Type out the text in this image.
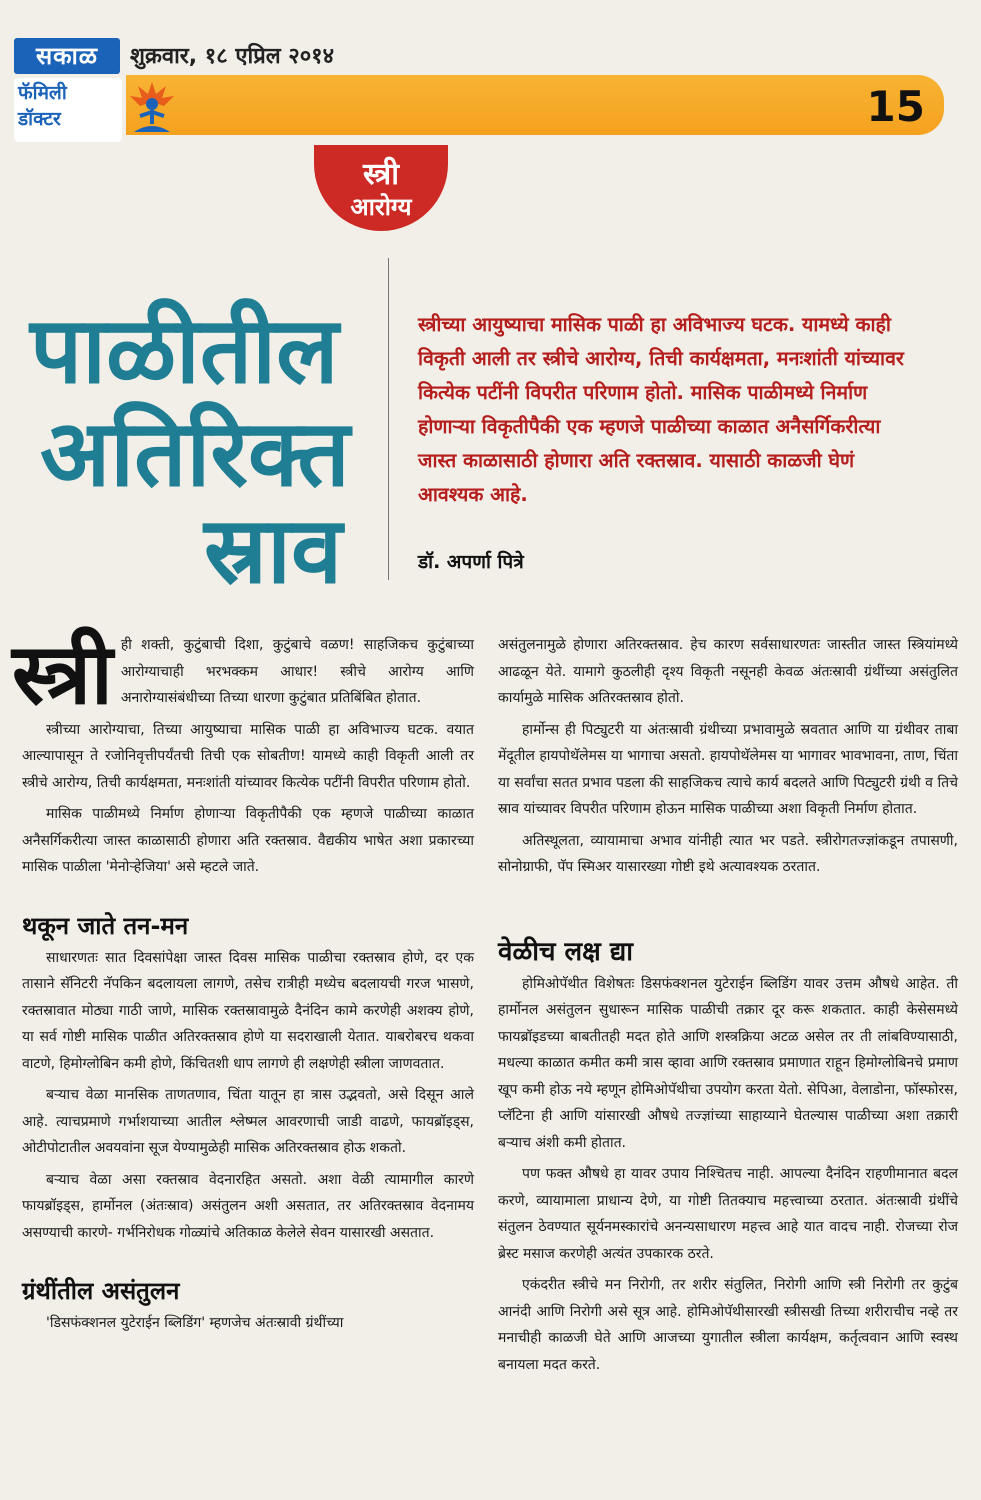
सकाळ	शुक्रवार, १८ एप्रिल २०१४
15
फॅमिली
डॉक्टर
स्त्री
आरोग्य
पाळीतील
अतिरिक्त
स्राव
स्त्रीच्या आयुष्याचा मासिक पाळी हा अविभाज्य घटक. यामध्ये काही विकृती आली तर स्त्रीचे आरोग्य, तिची कार्यक्षमता, मनःशांती यांच्यावर कित्येक पटींनी विपरीत परिणाम होतो. मासिक पाळीमध्ये निर्माण होणाऱ्या विकृतीपैकी एक म्हणजे पाळीच्या काळात अनैसर्गिकरीत्या जास्त काळासाठी होणारा अति रक्तस्राव. यासाठी काळजी घेणं आवश्यक आहे.
डॉ. अपर्णा पित्रे
स्त्री ही शक्ती, कुटुंबाची दिशा, कुटुंबाचे वळण! साहजिकच कुटुंबाच्या आरोग्याचाही भरभक्कम आधार! स्त्रीचे आरोग्य आणि अनारोग्यासंबंधीच्या तिच्या धारणा कुटुंबात प्रतिबिंबित होतात.

स्त्रीच्या आरोग्याचा, तिच्या आयुष्याचा मासिक पाळी हा अविभाज्य घटक. वयात आल्यापासून ते रजोनिवृत्तीपर्यंतची तिची एक सोबतीण! यामध्ये काही विकृती आली तर स्त्रीचे आरोग्य, तिची कार्यक्षमता, मनःशांती यांच्यावर कित्येक पटींनी विपरीत परिणाम होतो.

मासिक पाळीमध्ये निर्माण होणाऱ्या विकृतीपैकी एक म्हणजे पाळीच्या काळात अनैसर्गिकरीत्या जास्त काळासाठी होणारा अति रक्तस्राव. वैद्यकीय भाषेत अशा प्रकारच्या मासिक पाळीला 'मेनोऱ्हेजिया' असे म्हटले जाते.

थकून जाते तन-मन

साधारणतः सात दिवसांपेक्षा जास्त दिवस मासिक पाळीचा रक्तस्राव होणे, दर एक तासाने सॅनिटरी नॅपकिन बदलायला लागणे, तसेच रात्रीही मध्येच बदलायची गरज भासणे, रक्तस्रावात मोठ्या गाठी जाणे, मासिक रक्तस्रावामुळे दैनंदिन कामे करणेही अशक्य होणे, या सर्व गोष्टी मासिक पाळीत अतिरक्तस्राव होणे या सदराखाली येतात. याबरोबरच थकवा वाटणे, हिमोग्लोबिन कमी होणे, किंचितशी धाप लागणे ही लक्षणेही स्त्रीला जाणवतात.

बऱ्याच वेळा मानसिक ताणतणाव, चिंता यातून हा त्रास उद्भवतो, असे दिसून आले आहे. त्याचप्रमाणे गर्भाशयाच्या आतील श्लेष्मल आवरणाची जाडी वाढणे, फायब्रॉइड्‍स, ओटीपोटातील अवयवांना सूज येण्यामुळेही मासिक अतिरक्तस्राव होऊ शकतो.

बऱ्याच वेळा असा रक्तस्राव वेदनारहित असतो. अशा वेळी त्यामागील कारणे फायब्रॉइड्‍स, हार्मोनल (अंतःस्राव) असंतुलन अशी असतात, तर अतिरक्तस्राव वेदनामय असण्याची कारणे- गर्भनिरोधक गोळ्यांचे अतिकाळ केलेले सेवन यासारखी असतात.

ग्रंथींतील असंतुलन

'डिसफंक्शनल युटेराईन ब्लिडिंग' म्हणजेच अंतःस्रावी ग्रंथींच्या

असंतुलनामुळे होणारा अतिरक्तस्राव. हेच कारण सर्वसाधारणतः जास्तीत जास्त स्त्रियांमध्ये आढळून येते. यामागे कुठलीही दृश्य विकृती नसूनही केवळ अंतःस्रावी ग्रंथींच्या असंतुलित कार्यामुळे मासिक अतिरक्तस्राव होतो.

हार्मोन्स ही पिट्युटरी या अंतःस्रावी ग्रंथीच्या प्रभावामुळे स्रवतात आणि या ग्रंथीवर ताबा मेंदूतील हायपोथॅलेमस या भागाचा असतो. हायपोथॅलेमस या भागावर भावभावना, ताण, चिंता या सर्वांचा सतत प्रभाव पडला की साहजिकच त्याचे कार्य बदलते आणि पिट्युटरी ग्रंथी व तिचे स्राव यांच्यावर विपरीत परिणाम होऊन मासिक पाळीच्या अशा विकृती निर्माण होतात.

अतिस्थूलता, व्यायामाचा अभाव यांनीही त्यात भर पडते. स्त्रीरोगतज्ज्ञांकडून तपासणी, सोनोग्राफी, पॅप स्मिअर यासारख्या गोष्टी इथे अत्यावश्यक ठरतात.

वेळीच लक्ष द्या

होमिओपॅथीत विशेषतः डिसफंक्शनल युटेराईन ब्लिडिंग यावर उत्तम औषधे आहेत. ती हार्मोनल असंतुलन सुधारून मासिक पाळीची तक्रार दूर करू शकतात. काही केसेसमध्ये फायब्रॉइडच्या बाबतीतही मदत होते आणि शस्त्रक्रिया अटळ असेल तर ती लांबविण्यासाठी, मधल्या काळात कमीत कमी त्रास व्हावा आणि रक्तस्राव प्रमाणात राहून हिमोग्लोबिनचे प्रमाण खूप कमी होऊ नये म्हणून होमिओपॅथीचा उपयोग करता येतो. सेपिआ, वेलाडोना, फॉस्फोरस, प्लॅटिना ही आणि यांसारखी औषधे तज्ज्ञांच्या साहाय्याने घेतल्यास पाळीच्या अशा तक्रारी बऱ्याच अंशी कमी होतात.

पण फक्त औषधे हा यावर उपाय निश्चितच नाही. आपल्या दैनंदिन राहणीमानात बदल करणे, व्यायामाला प्राधान्य देणे, या गोष्टी तितक्याच महत्त्वाच्या ठरतात. अंतःस्रावी ग्रंथींचे संतुलन ठेवण्यात सूर्यनमस्कारांचे अनन्यसाधारण महत्त्व आहे यात वादच नाही. रोजच्या रोज ब्रेस्ट मसाज करणेही अत्यंत उपकारक ठरते.

एकंदरीत स्त्रीचे मन निरोगी, तर शरीर संतुलित, निरोगी आणि स्त्री निरोगी तर कुटुंब आनंदी आणि निरोगी असे सूत्र आहे. होमिओपॅथीसारखी स्त्रीसखी तिच्या शरीराचीच नव्हे तर मनाचीही काळजी घेते आणि आजच्या युगातील स्त्रीला कार्यक्षम, कर्तृत्ववान आणि स्वस्थ बनायला मदत करते.
